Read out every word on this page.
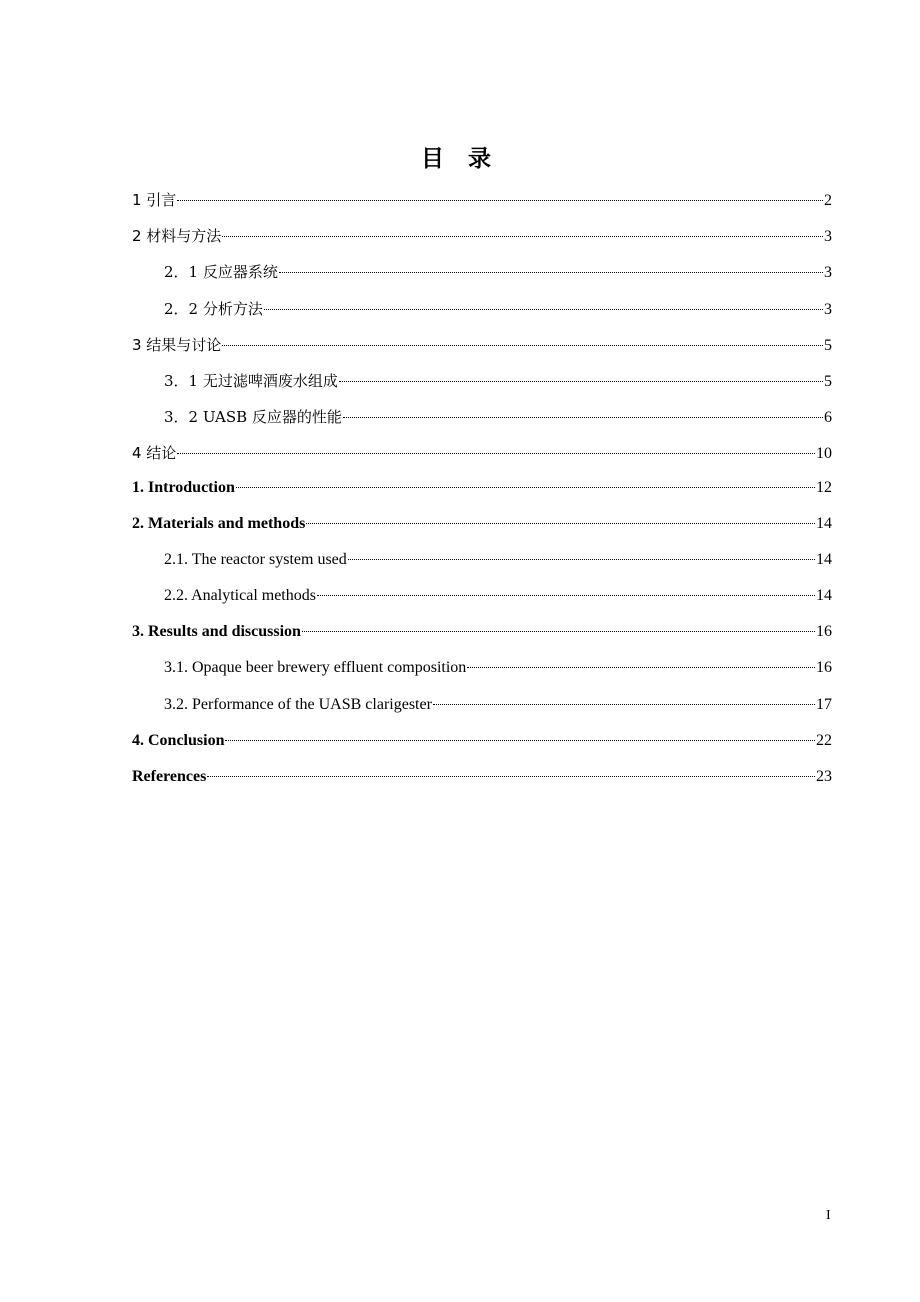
目 录
1 引言	2
2 材料与方法	3
2．1 反应器系统	3
2．2 分析方法	3
3 结果与讨论	5
3．1 无过滤啤酒废水组成	5
3．2 UASB 反应器的性能	6
4 结论	10
1. Introduction	12
2. Materials and methods	14
2.1. The reactor system used	14
2.2. Analytical methods	14
3. Results and discussion	16
3.1. Opaque beer brewery effluent composition	16
3.2. Performance of the UASB clarigester	17
4. Conclusion	22
References	23
I
